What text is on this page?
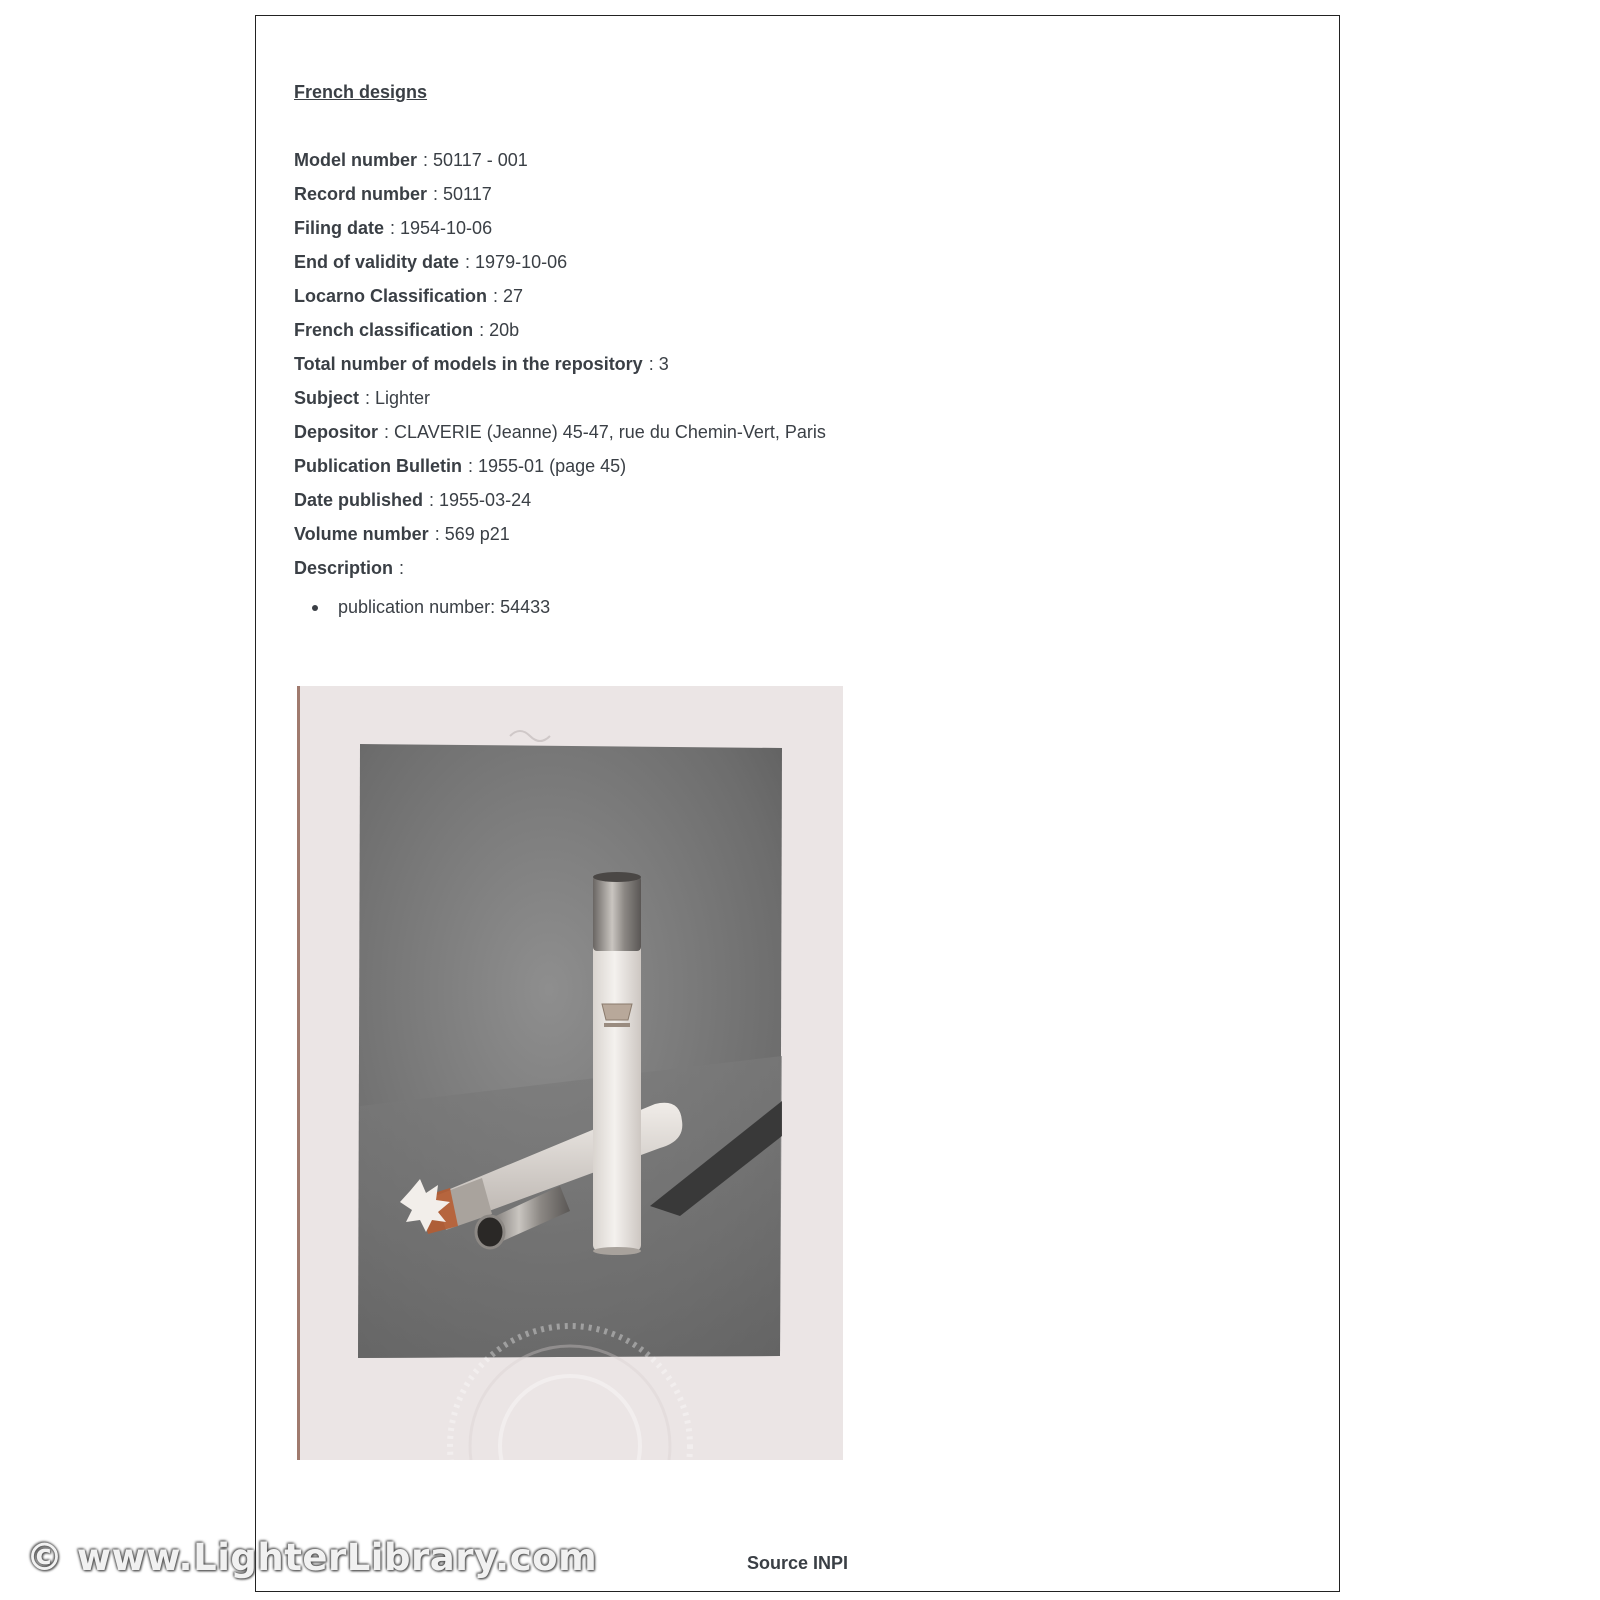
French designs
Model number : 50117 - 001
Record number : 50117
Filing date : 1954-10-06
End of validity date : 1979-10-06
Locarno Classification : 27
French classification : 20b
Total number of models in the repository : 3
Subject : Lighter
Depositor : CLAVERIE (Jeanne) 45-47, rue du Chemin-Vert, Paris
Publication Bulletin : 1955-01 (page 45)
Date published : 1955-03-24
Volume number : 569 p21
Description :
publication number: 54433
Source INPI
© www.LighterLibrary.com
